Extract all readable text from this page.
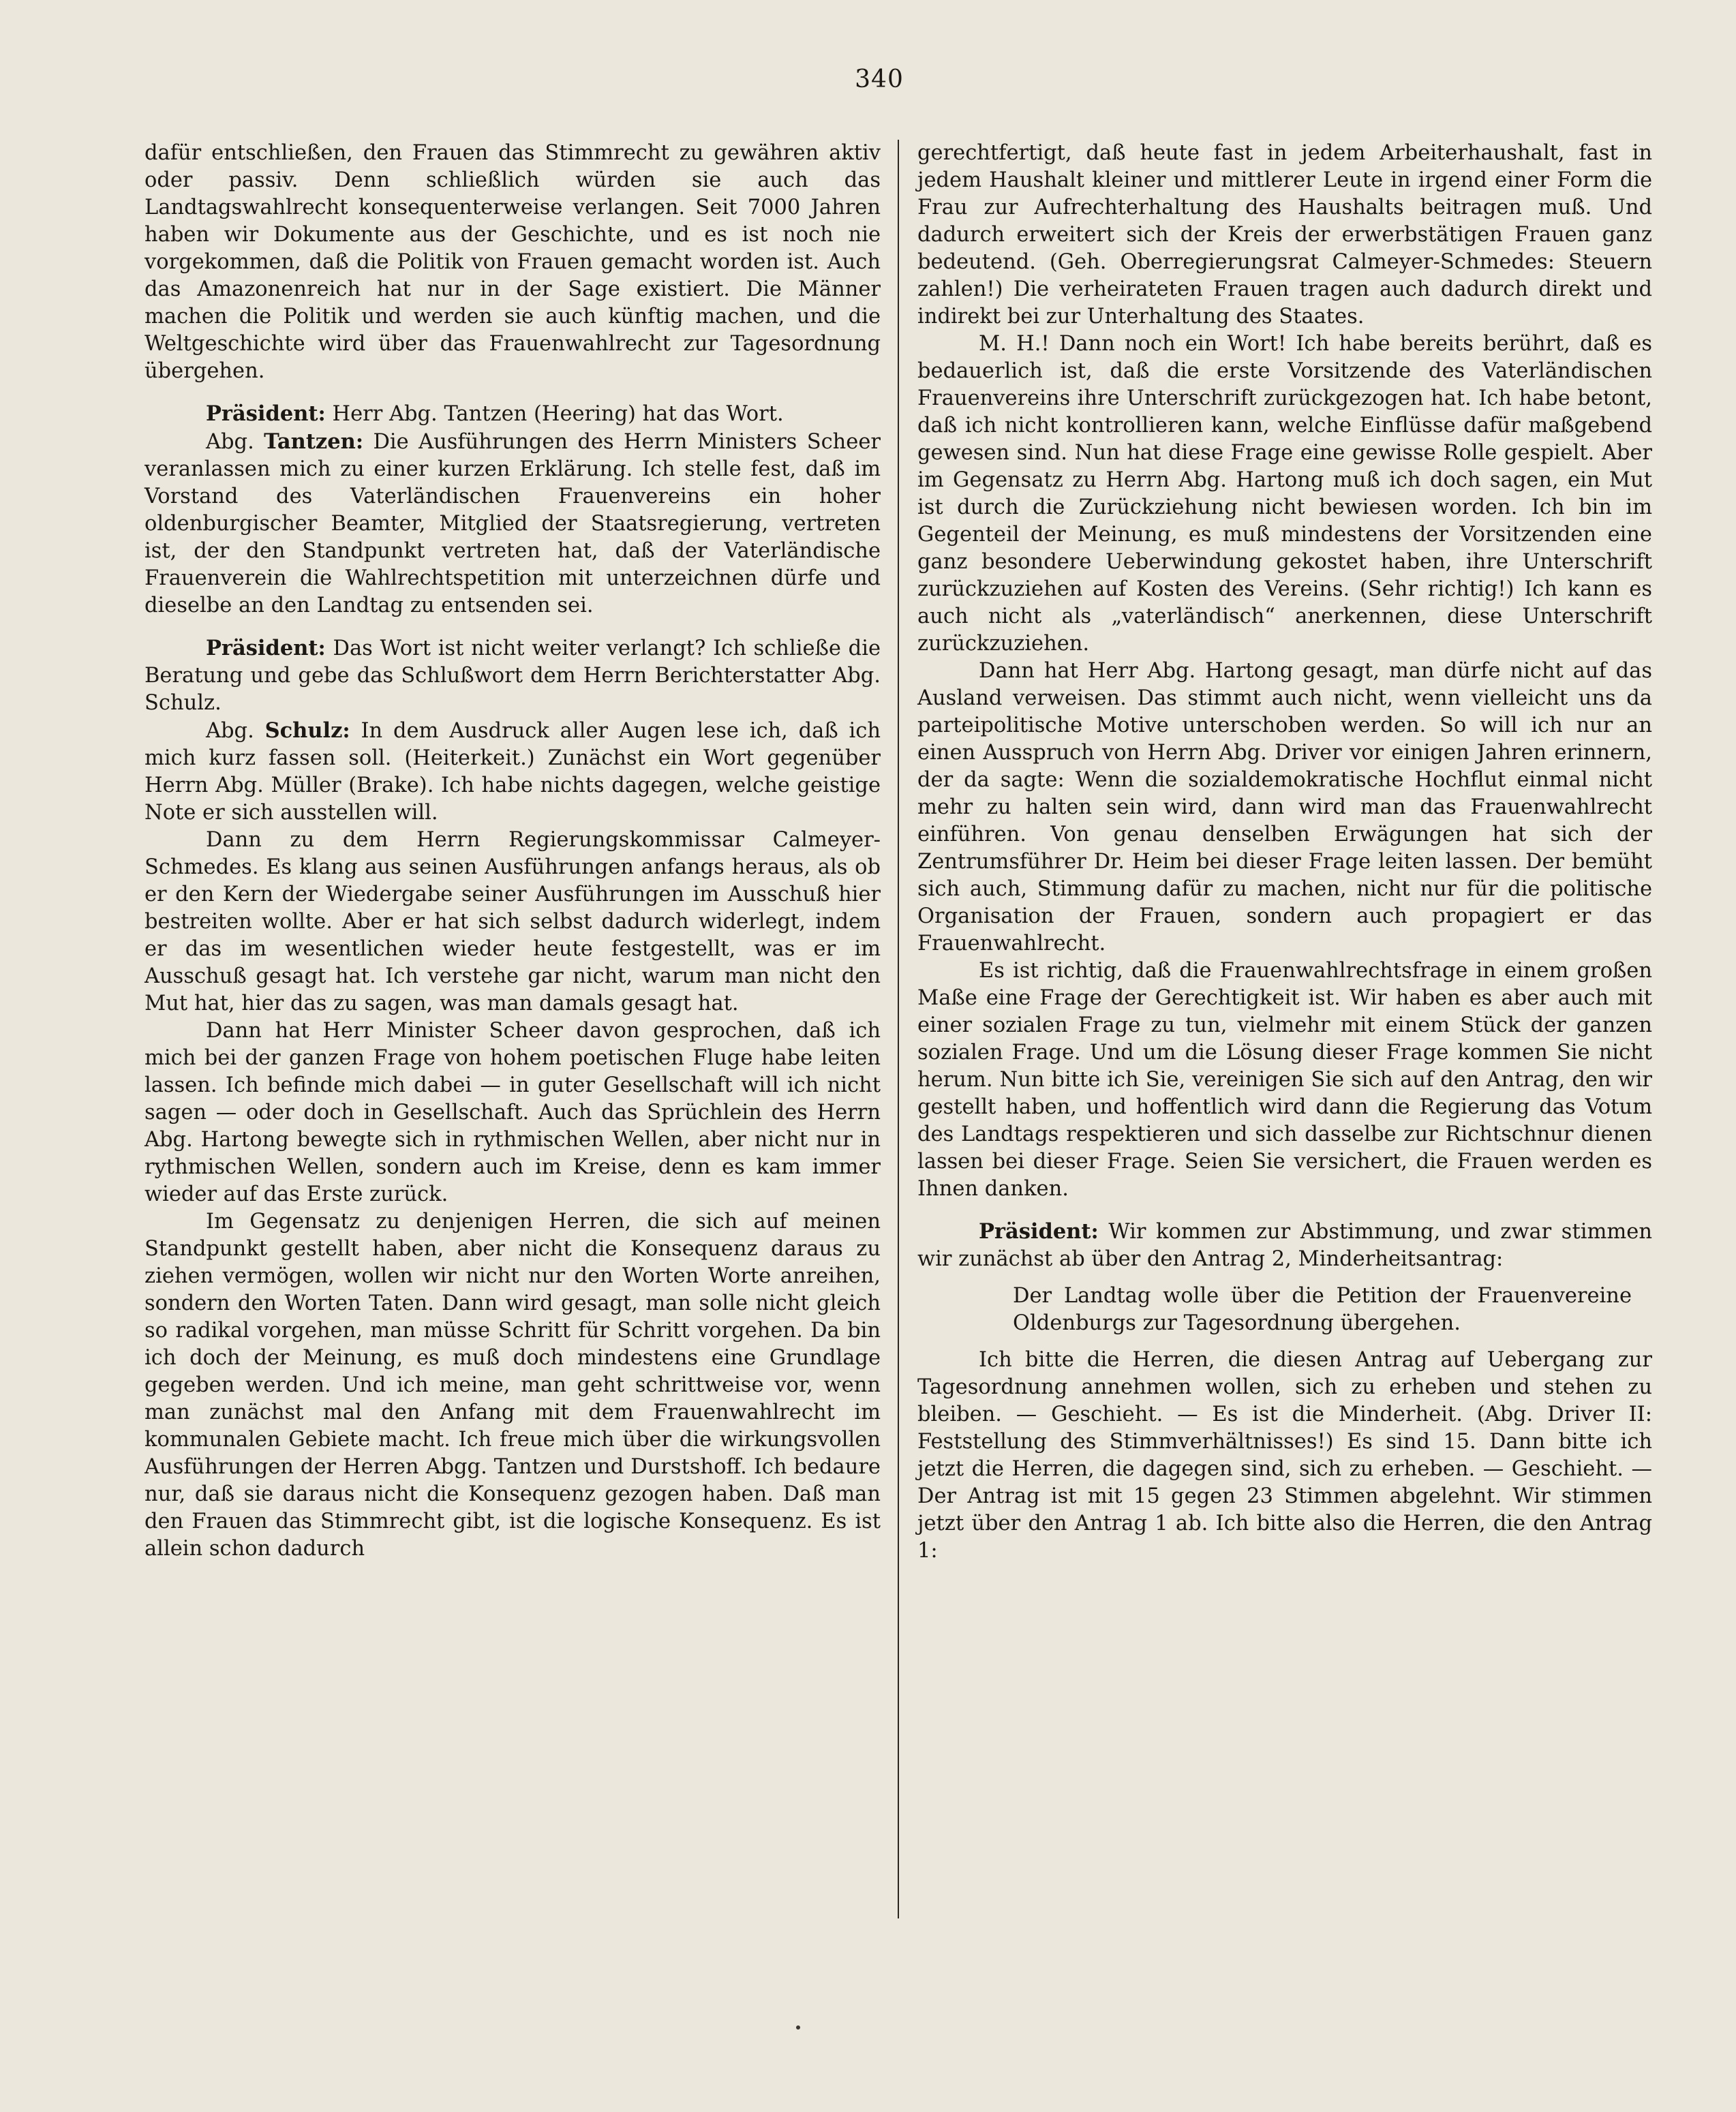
340

dafür entschließen, den Frauen das Stimmrecht zu gewähren aktiv oder passiv. Denn schließlich würden sie auch das Landtagswahlrecht konsequenterweise verlangen. Seit 7000 Jahren haben wir Dokumente aus der Geschichte, und es ist noch nie vorgekommen, daß die Politik von Frauen gemacht worden ist. Auch das Amazonenreich hat nur in der Sage existiert. Die Männer machen die Politik und werden sie auch künftig machen, und die Weltgeschichte wird über das Frauenwahlrecht zur Tagesordnung übergehen.

Präsident: Herr Abg. Tantzen (Heering) hat das Wort.

Abg. Tantzen: Die Ausführungen des Herrn Ministers Scheer veranlassen mich zu einer kurzen Erklärung. Ich stelle fest, daß im Vorstand des Vaterländischen Frauenvereins ein hoher oldenburgischer Beamter, Mitglied der Staatsregierung, vertreten ist, der den Standpunkt vertreten hat, daß der Vaterländische Frauenverein die Wahlrechtspetition mit unterzeichnen dürfe und dieselbe an den Landtag zu entsenden sei.

Präsident: Das Wort ist nicht weiter verlangt? Ich schließe die Beratung und gebe das Schlußwort dem Herrn Berichterstatter Abg. Schulz.

Abg. Schulz: In dem Ausdruck aller Augen lese ich, daß ich mich kurz fassen soll. (Heiterkeit.) Zunächst ein Wort gegenüber Herrn Abg. Müller (Brake). Ich habe nichts dagegen, welche geistige Note er sich ausstellen will.

Dann zu dem Herrn Regierungskommissar Calmeyer-Schmedes. Es klang aus seinen Ausführungen anfangs heraus, als ob er den Kern der Wiedergabe seiner Ausführungen im Ausschuß hier bestreiten wollte. Aber er hat sich selbst dadurch widerlegt, indem er das im wesentlichen wieder heute festgestellt, was er im Ausschuß gesagt hat. Ich verstehe gar nicht, warum man nicht den Mut hat, hier das zu sagen, was man damals gesagt hat.

Dann hat Herr Minister Scheer davon gesprochen, daß ich mich bei der ganzen Frage von hohem poetischen Fluge habe leiten lassen. Ich befinde mich dabei — in guter Gesellschaft will ich nicht sagen — oder doch in Gesellschaft. Auch das Sprüchlein des Herrn Abg. Hartong bewegte sich in rythmischen Wellen, aber nicht nur in rythmischen Wellen, sondern auch im Kreise, denn es kam immer wieder auf das Erste zurück.

Im Gegensatz zu denjenigen Herren, die sich auf meinen Standpunkt gestellt haben, aber nicht die Konsequenz daraus zu ziehen vermögen, wollen wir nicht nur den Worten Worte anreihen, sondern den Worten Taten. Dann wird gesagt, man solle nicht gleich so radikal vorgehen, man müsse Schritt für Schritt vorgehen. Da bin ich doch der Meinung, es muß doch mindestens eine Grundlage gegeben werden. Und ich meine, man geht schrittweise vor, wenn man zunächst mal den Anfang mit dem Frauenwahlrecht im kommunalen Gebiete macht. Ich freue mich über die wirkungsvollen Ausführungen der Herren Abgg. Tantzen und Durstshoff. Ich bedaure nur, daß sie daraus nicht die Konsequenz gezogen haben. Daß man den Frauen das Stimmrecht gibt, ist die logische Konsequenz. Es ist allein schon dadurch

gerechtfertigt, daß heute fast in jedem Arbeiterhaushalt, fast in jedem Haushalt kleiner und mittlerer Leute in irgend einer Form die Frau zur Aufrechterhaltung des Haushalts beitragen muß. Und dadurch erweitert sich der Kreis der erwerbstätigen Frauen ganz bedeutend. (Geh. Oberregierungsrat Calmeyer-Schmedes: Steuern zahlen!) Die verheirateten Frauen tragen auch dadurch direkt und indirekt bei zur Unterhaltung des Staates.

M. H.! Dann noch ein Wort! Ich habe bereits berührt, daß es bedauerlich ist, daß die erste Vorsitzende des Vaterländischen Frauenvereins ihre Unterschrift zurückgezogen hat. Ich habe betont, daß ich nicht kontrollieren kann, welche Einflüsse dafür maßgebend gewesen sind. Nun hat diese Frage eine gewisse Rolle gespielt. Aber im Gegensatz zu Herrn Abg. Hartong muß ich doch sagen, ein Mut ist durch die Zurückziehung nicht bewiesen worden. Ich bin im Gegenteil der Meinung, es muß mindestens der Vorsitzenden eine ganz besondere Ueberwindung gekostet haben, ihre Unterschrift zurückzuziehen auf Kosten des Vereins. (Sehr richtig!) Ich kann es auch nicht als „vaterländisch“ anerkennen, diese Unterschrift zurückzuziehen.

Dann hat Herr Abg. Hartong gesagt, man dürfe nicht auf das Ausland verweisen. Das stimmt auch nicht, wenn vielleicht uns da parteipolitische Motive unterschoben werden. So will ich nur an einen Ausspruch von Herrn Abg. Driver vor einigen Jahren erinnern, der da sagte: Wenn die sozialdemokratische Hochflut einmal nicht mehr zu halten sein wird, dann wird man das Frauenwahlrecht einführen. Von genau denselben Erwägungen hat sich der Zentrumsführer Dr. Heim bei dieser Frage leiten lassen. Der bemüht sich auch, Stimmung dafür zu machen, nicht nur für die politische Organisation der Frauen, sondern auch propagiert er das Frauenwahlrecht.

Es ist richtig, daß die Frauenwahlrechtsfrage in einem großen Maße eine Frage der Gerechtigkeit ist. Wir haben es aber auch mit einer sozialen Frage zu tun, vielmehr mit einem Stück der ganzen sozialen Frage. Und um die Lösung dieser Frage kommen Sie nicht herum. Nun bitte ich Sie, vereinigen Sie sich auf den Antrag, den wir gestellt haben, und hoffentlich wird dann die Regierung das Votum des Landtags respektieren und sich dasselbe zur Richtschnur dienen lassen bei dieser Frage. Seien Sie versichert, die Frauen werden es Ihnen danken.

Präsident: Wir kommen zur Abstimmung, und zwar stimmen wir zunächst ab über den Antrag 2, Minderheitsantrag:

Der Landtag wolle über die Petition der Frauenvereine Oldenburgs zur Tagesordnung übergehen.

Ich bitte die Herren, die diesen Antrag auf Uebergang zur Tagesordnung annehmen wollen, sich zu erheben und stehen zu bleiben. — Geschieht. — Es ist die Minderheit. (Abg. Driver II: Feststellung des Stimmverhältnisses!) Es sind 15. Dann bitte ich jetzt die Herren, die dagegen sind, sich zu erheben. — Geschieht. — Der Antrag ist mit 15 gegen 23 Stimmen abgelehnt. Wir stimmen jetzt über den Antrag 1 ab. Ich bitte also die Herren, die den Antrag 1:
